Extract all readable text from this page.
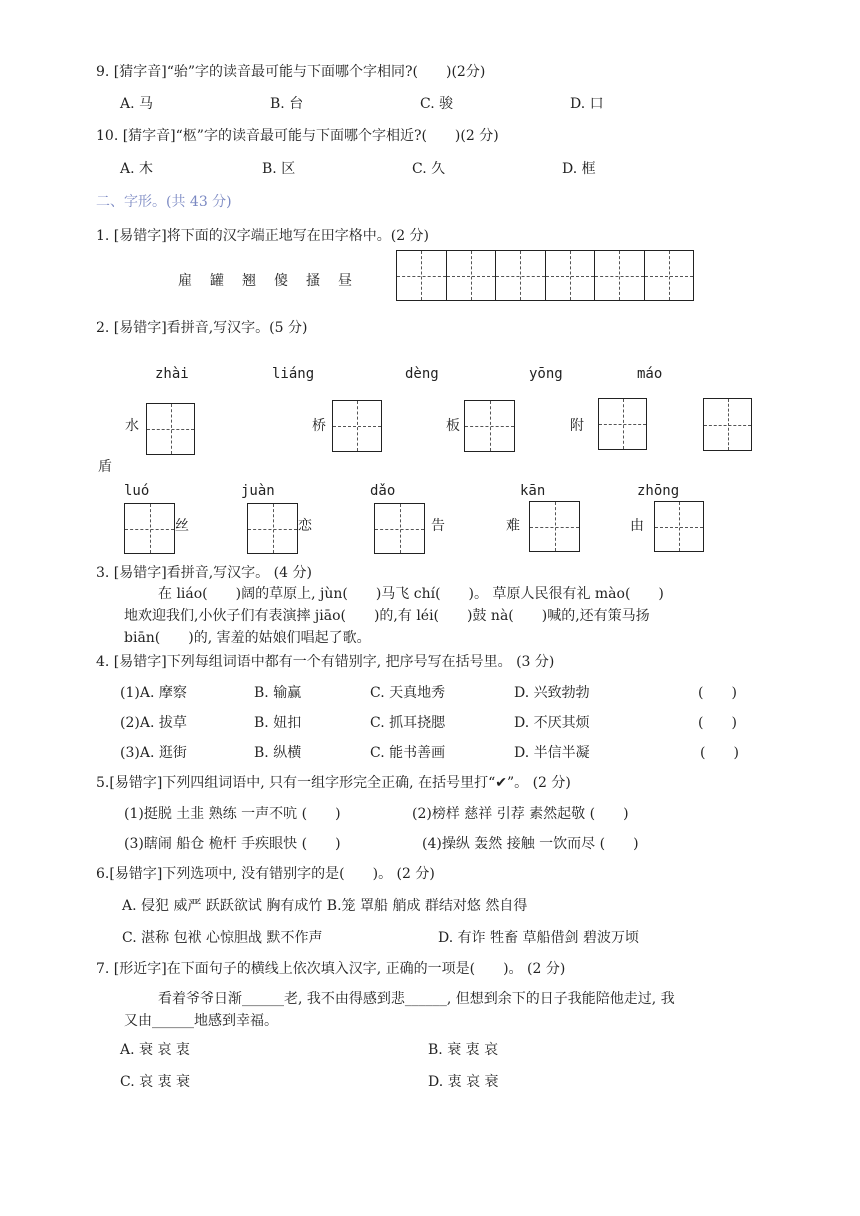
9. [猜字音]“骀”字的读音最可能与下面哪个字相同?(　　)(2分)
A. 马	B. 台	C. 骏	D. 口
10. [猜字音]“柩”字的读音最可能与下面哪个字相近?(　　)(2 分)
A. 木	B. 区	C. 久	D. 框
二、字形。(共 43 分)
1. [易错字]将下面的汉字端正地写在田字格中。(2 分)
雇 罐 翘 傻 搔 昼
2. [易错字]看拼音,写汉字。(5 分)
zhài	liáng	dèng	yōng	máo
水	桥	板	附
盾
luó	juàn	dǎo	kān	zhōng
丝	恋	告	难	由
3. [易错字]看拼音,写汉字。 (4 分)
在 liáo(　　)阔的草原上, jùn(　　)马飞 chí(　　)。 草原人民很有礼 mào(　　)
地欢迎我们,小伙子们有表演摔 jiāo(　　)的,有 léi(　　)鼓 nà(　　)喊的,还有策马扬
biān(　　)的, 害羞的姑娘们唱起了歌。
4. [易错字]下列每组词语中都有一个有错别字, 把序号写在括号里。 (3 分)
(1)A. 摩察	B. 输赢	C. 天真地秀	D. 兴致勃勃	(　　)
(2)A. 拔草	B. 妞扣	C. 抓耳挠腮	D. 不厌其烦	(　　)
(3)A. 逛街	B. 纵横	C. 能书善画	D. 半信半凝	(　　)
5.[易错字]下列四组词语中, 只有一组字形完全正确, 在括号里打“✔”。 (2 分)
(1)挺脱 土韭 熟练 一声不吭 (　　)	(2)榜样 慈祥 引荐 素然起敬 (　　)
(3)瞎闹 船仓 桅杆 手疾眼快 (　　)	(4)操纵 轰然 接触 一饮而尽 (　　)
6.[易错字]下列选项中, 没有错别字的是(　　)。 (2 分)
A. 侵犯 威严 跃跃欲试 胸有成竹 B.笼 罩船 艄成 群结对悠 然自得
C. 湛称 包袱 心惊胆战 默不作声	D. 有诈 牲畜 草船借剑 碧波万顷
7. [形近字]在下面句子的横线上依次填入汉字, 正确的一项是(　　)。 (2 分)
看着爷爷日渐______老, 我不由得感到悲______, 但想到余下的日子我能陪他走过, 我
又由______地感到幸福。
A. 衰 哀 衷	B. 衰 衷 哀
C. 哀 衷 衰	D. 衷 哀 衰
